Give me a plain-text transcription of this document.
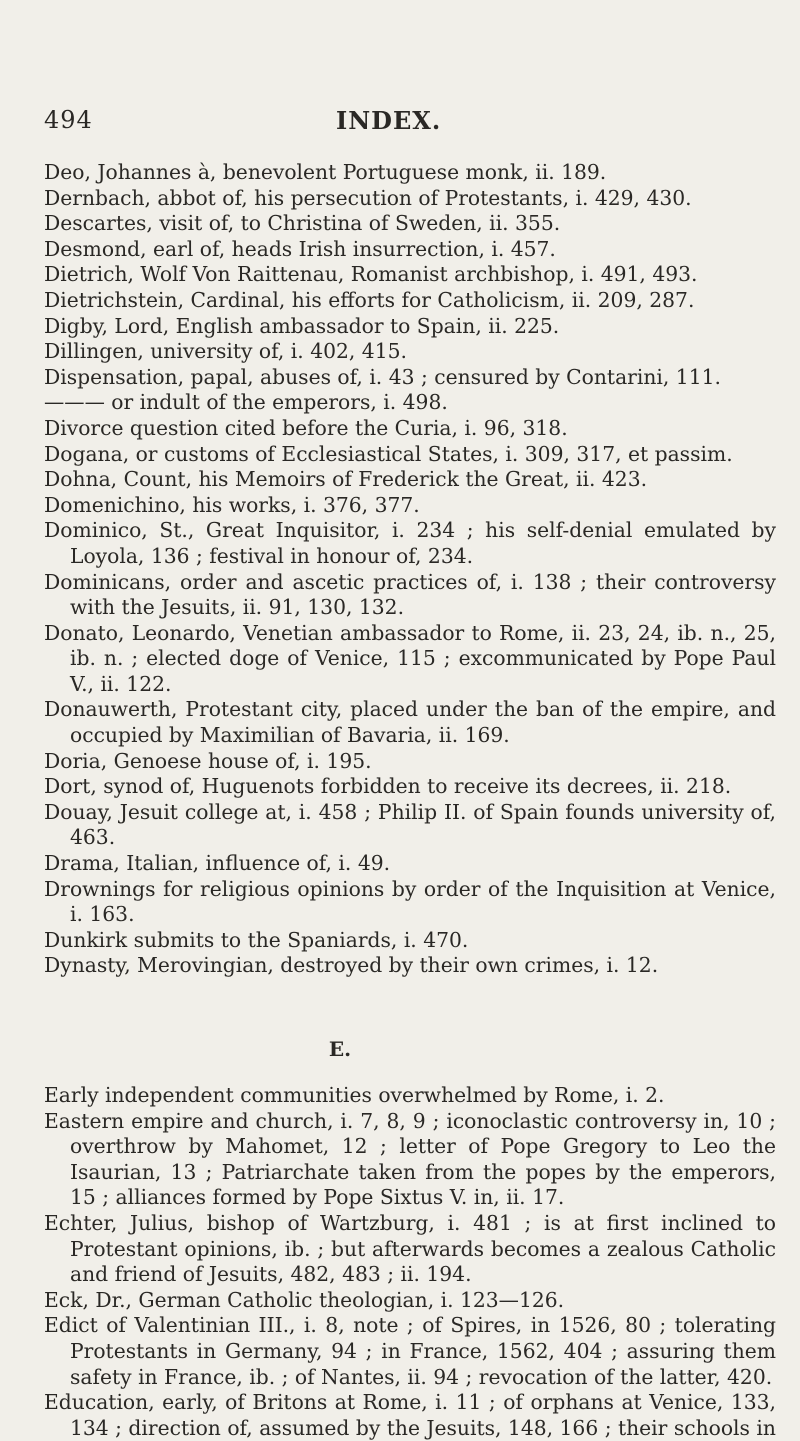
494	INDEX.
Deo, Johannes à, benevolent Portuguese monk, ii. 189.
Dernbach, abbot of, his persecution of Protestants, i. 429, 430.
Descartes, visit of, to Christina of Sweden, ii. 355.
Desmond, earl of, heads Irish insurrection, i. 457.
Dietrich, Wolf Von Raittenau, Romanist archbishop, i. 491, 493.
Dietrichstein, Cardinal, his efforts for Catholicism, ii. 209, 287.
Digby, Lord, English ambassador to Spain, ii. 225.
Dillingen, university of, i. 402, 415.
Dispensation, papal, abuses of, i. 43 ; censured by Contarini, 111.
——— or indult of the emperors, i. 498.
Divorce question cited before the Curia, i. 96, 318.
Dogana, or customs of Ecclesiastical States, i. 309, 317, et passim.
Dohna, Count, his Memoirs of Frederick the Great, ii. 423.
Domenichino, his works, i. 376, 377.
Dominico, St., Great Inquisitor, i. 234 ; his self-denial emulated by Loyola, 136 ; festival in honour of, 234.
Dominicans, order and ascetic practices of, i. 138 ; their controversy with the Jesuits, ii. 91, 130, 132.
Donato, Leonardo, Venetian ambassador to Rome, ii. 23, 24, ib. n., 25, ib. n. ; elected doge of Venice, 115 ; excommunicated by Pope Paul V., ii. 122.
Donauwerth, Protestant city, placed under the ban of the empire, and occupied by Maximilian of Bavaria, ii. 169.
Doria, Genoese house of, i. 195.
Dort, synod of, Huguenots forbidden to receive its decrees, ii. 218.
Douay, Jesuit college at, i. 458 ; Philip II. of Spain founds university of, 463.
Drama, Italian, influence of, i. 49.
Drownings for religious opinions by order of the Inquisition at Venice, i. 163.
Dunkirk submits to the Spaniards, i. 470.
Dynasty, Merovingian, destroyed by their own crimes, i. 12.
E.
Early independent communities overwhelmed by Rome, i. 2.
Eastern empire and church, i. 7, 8, 9 ; iconoclastic controversy in, 10 ; overthrow by Mahomet, 12 ; letter of Pope Gregory to Leo the Isaurian, 13 ; Patriarchate taken from the popes by the emperors, 15 ; alliances formed by Pope Sixtus V. in, ii. 17.
Echter, Julius, bishop of Wartzburg, i. 481 ; is at first inclined to Protestant opinions, ib. ; but afterwards becomes a zealous Catholic and friend of Jesuits, 482, 483 ; ii. 194.
Eck, Dr., German Catholic theologian, i. 123—126.
Edict of Valentinian III., i. 8, note ; of Spires, in 1526, 80 ; tolerating Protestants in Germany, 94 ; in France, 1562, 404 ; assuring them safety in France, ib. ; of Nantes, ii. 94 ; revocation of the latter, 420.
Education, early, of Britons at Rome, i. 11 ; of orphans at Venice, 133, 134 ; direction of, assumed by the Jesuits, 148, 166 ; their schools in
